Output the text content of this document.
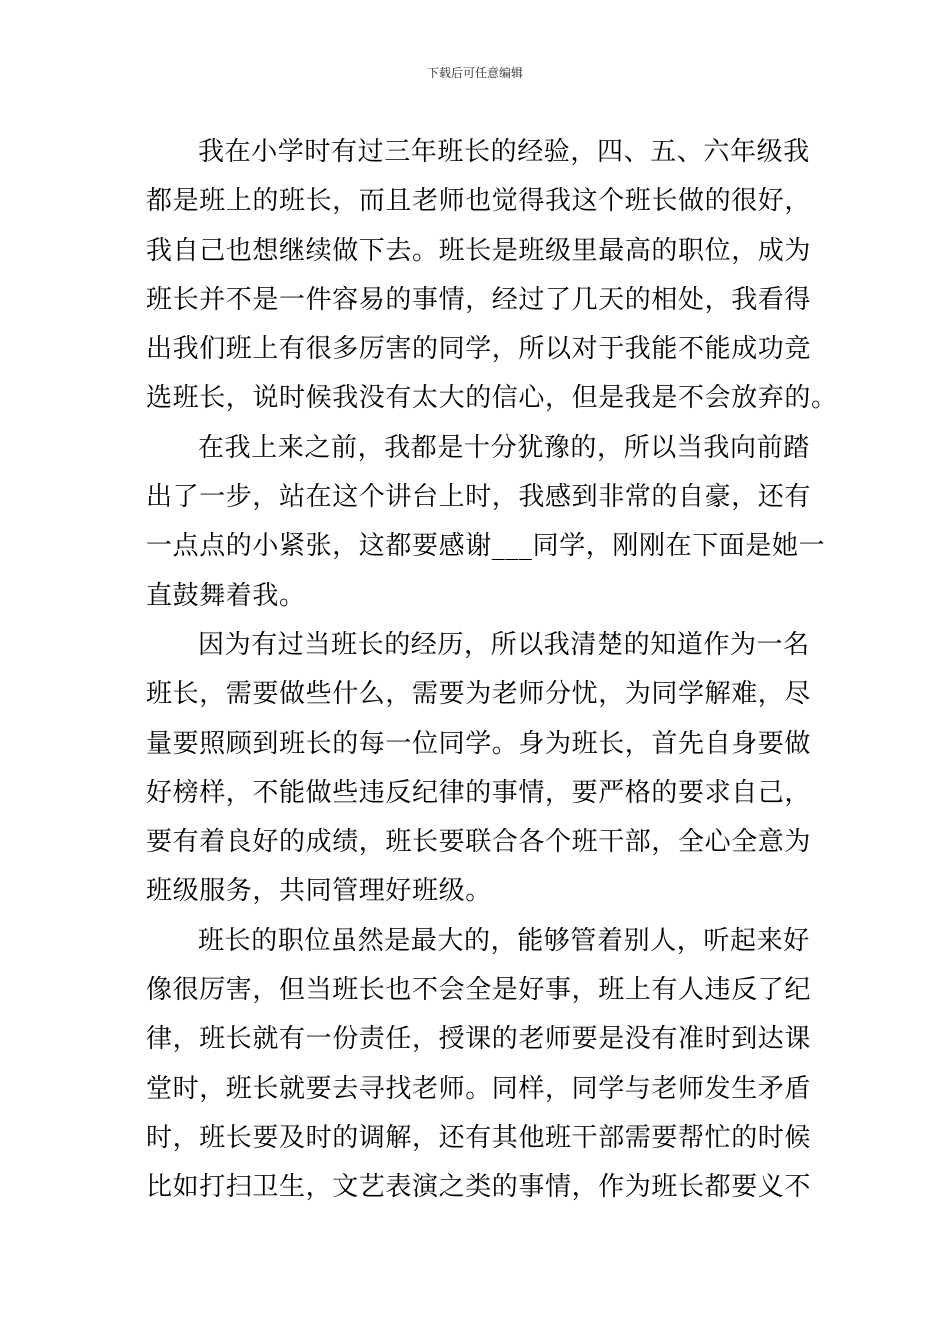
下载后可任意编辑

我在小学时有过三年班长的经验，四、五、六年级我
都是班上的班长，而且老师也觉得我这个班长做的很好，
我自己也想继续做下去。班长是班级里最高的职位，成为
班长并不是一件容易的事情，经过了几天的相处，我看得
出我们班上有很多厉害的同学，所以对于我能不能成功竞
选班长，说时候我没有太大的信心，但是我是不会放弃的。

在我上来之前，我都是十分犹豫的，所以当我向前踏
出了一步，站在这个讲台上时，我感到非常的自豪，还有
一点点的小紧张，这都要感谢___同学，刚刚在下面是她一
直鼓舞着我。

因为有过当班长的经历，所以我清楚的知道作为一名
班长，需要做些什么，需要为老师分忧，为同学解难，尽
量要照顾到班长的每一位同学。身为班长，首先自身要做
好榜样，不能做些违反纪律的事情，要严格的要求自己，
要有着良好的成绩，班长要联合各个班干部，全心全意为
班级服务，共同管理好班级。

班长的职位虽然是最大的，能够管着别人，听起来好
像很厉害，但当班长也不会全是好事，班上有人违反了纪
律，班长就有一份责任，授课的老师要是没有准时到达课
堂时，班长就要去寻找老师。同样，同学与老师发生矛盾
时，班长要及时的调解，还有其他班干部需要帮忙的时候
比如打扫卫生，文艺表演之类的事情，作为班长都要义不
